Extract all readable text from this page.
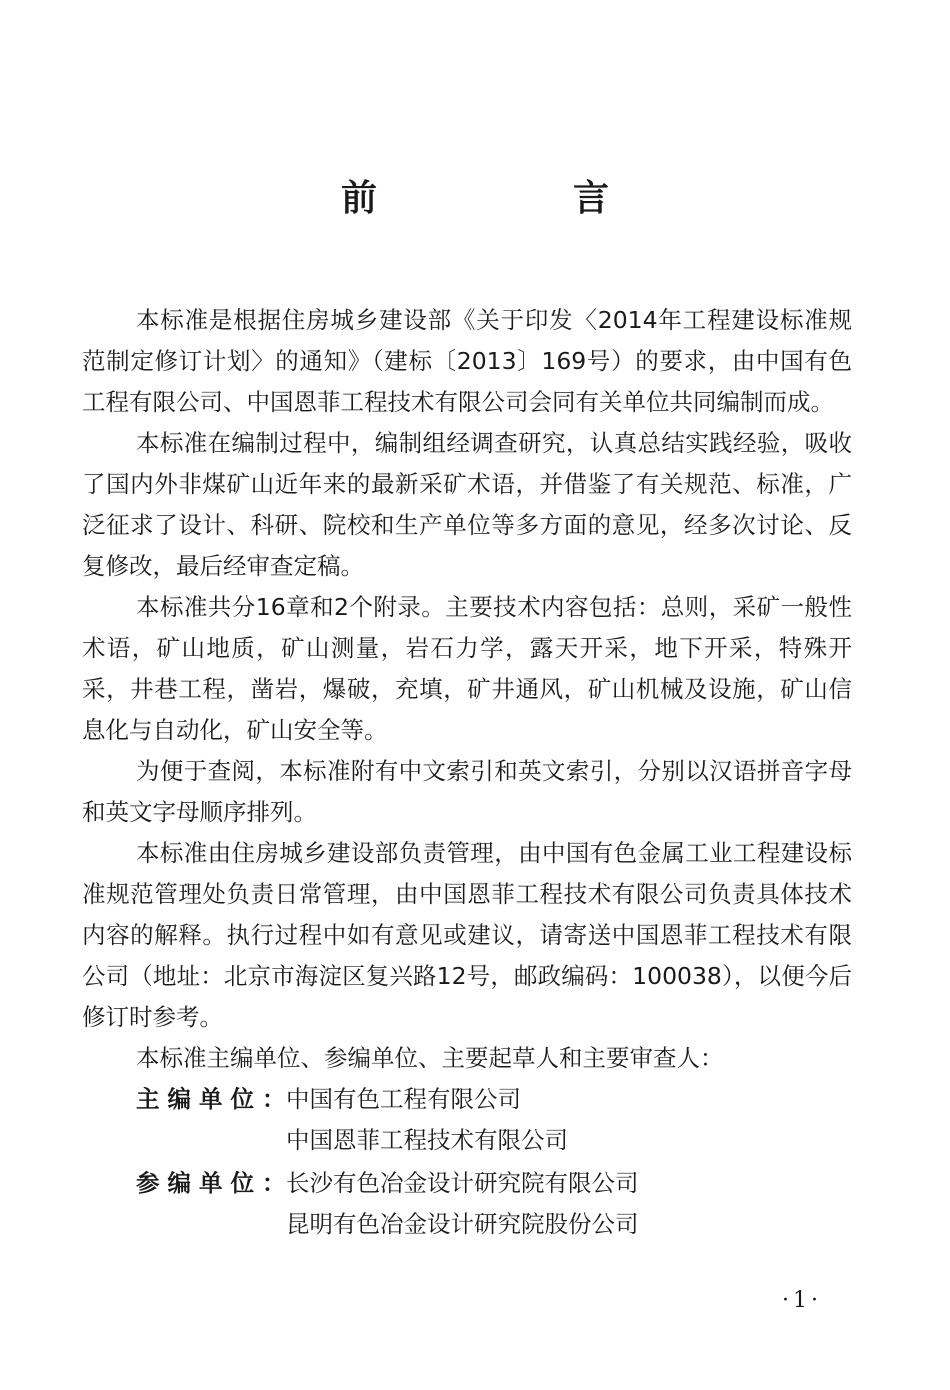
前　言

本标准是根据住房城乡建设部《关于印发〈2014年工程建设标准规范制定修订计划〉的通知》（建标〔2013〕169号）的要求，由中国有色工程有限公司、中国恩菲工程技术有限公司会同有关单位共同编制而成。

本标准在编制过程中，编制组经调查研究，认真总结实践经验，吸收了国内外非煤矿山近年来的最新采矿术语，并借鉴了有关规范、标准，广泛征求了设计、科研、院校和生产单位等多方面的意见，经多次讨论、反复修改，最后经审查定稿。

本标准共分16章和2个附录。主要技术内容包括：总则，采矿一般性术语，矿山地质，矿山测量，岩石力学，露天开采，地下开采，特殊开采，井巷工程，凿岩，爆破，充填，矿井通风，矿山机械及设施，矿山信息化与自动化，矿山安全等。

为便于查阅，本标准附有中文索引和英文索引，分别以汉语拼音字母和英文字母顺序排列。

本标准由住房城乡建设部负责管理，由中国有色金属工业工程建设标准规范管理处负责日常管理，由中国恩菲工程技术有限公司负责具体技术内容的解释。执行过程中如有意见或建议，请寄送中国恩菲工程技术有限公司（地址：北京市海淀区复兴路12号，邮政编码：100038），以便今后修订时参考。

本标准主编单位、参编单位、主要起草人和主要审查人：

主编单位：
中国有色工程有限公司
中国恩菲工程技术有限公司
参编单位：
长沙有色冶金设计研究院有限公司
昆明有色冶金设计研究院股份公司
·1·
